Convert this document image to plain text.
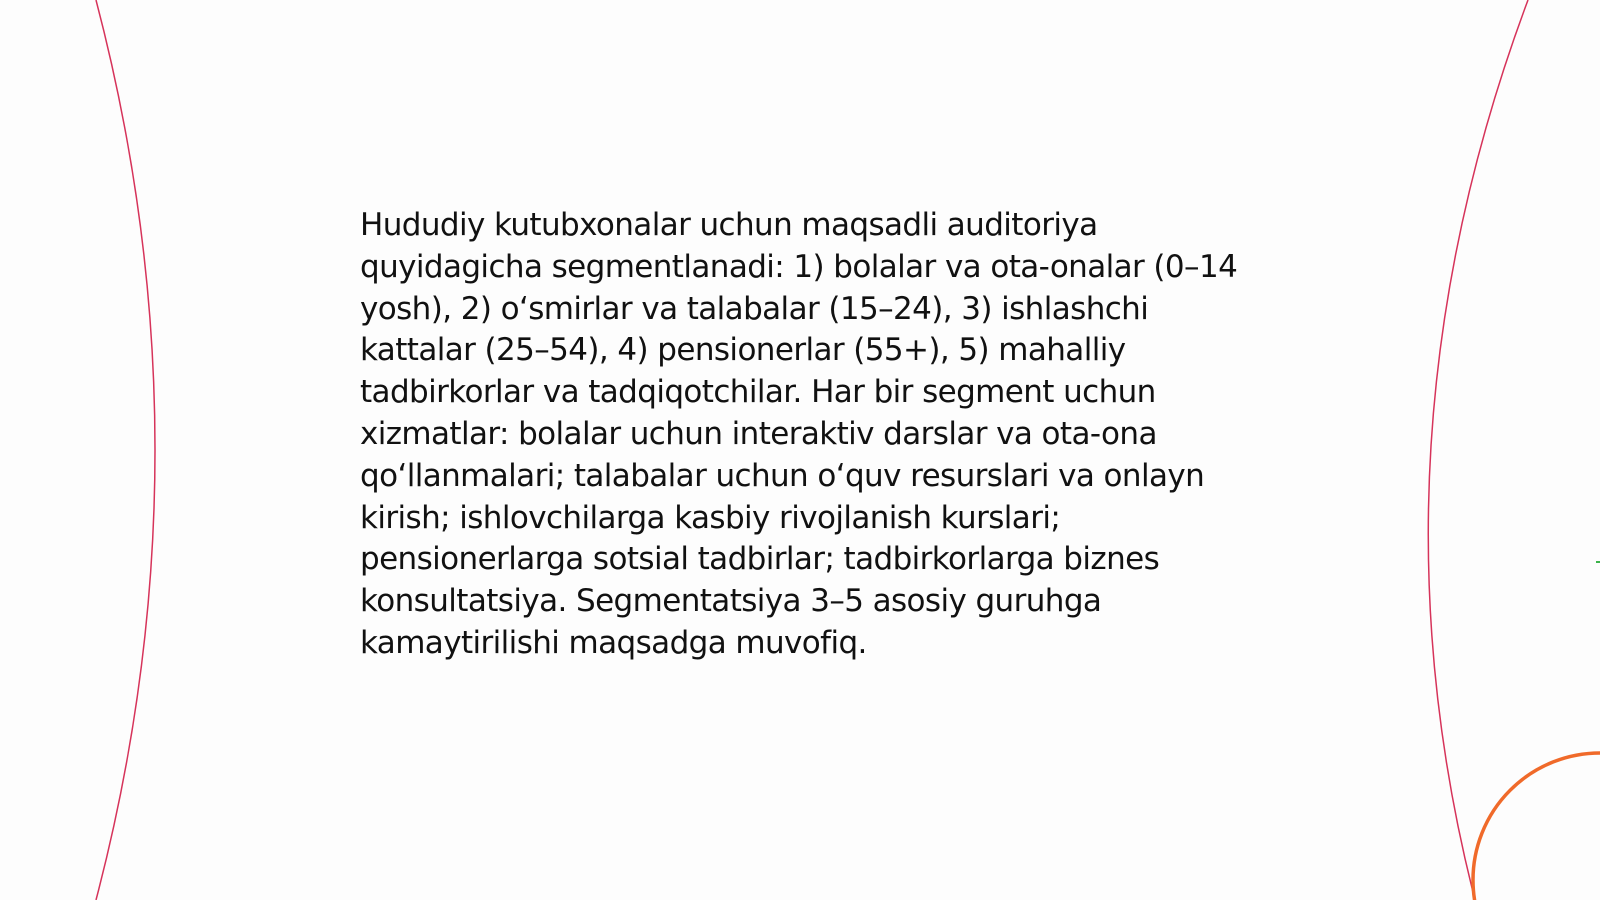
Hududiy kutubxonalar uchun maqsadli auditoriya quyidagicha segmentlanadi: 1) bolalar va ota-onalar (0–14 yosh), 2) o‘smirlar va talabalar (15–24), 3) ishlashchi kattalar (25–54), 4) pensionerlar (55+), 5) mahalliy tadbirkorlar va tadqiqotchilar. Har bir segment uchun xizmatlar: bolalar uchun interaktiv darslar va ota-ona qo‘llanmalari; talabalar uchun o‘quv resurslari va onlayn kirish; ishlovchilarga kasbiy rivojlanish kurslari; pensionerlarga sotsial tadbirlar; tadbirkorlarga biznes konsultatsiya. Segmentatsiya 3–5 asosiy guruhga kamaytirilishi maqsadga muvofiq.
